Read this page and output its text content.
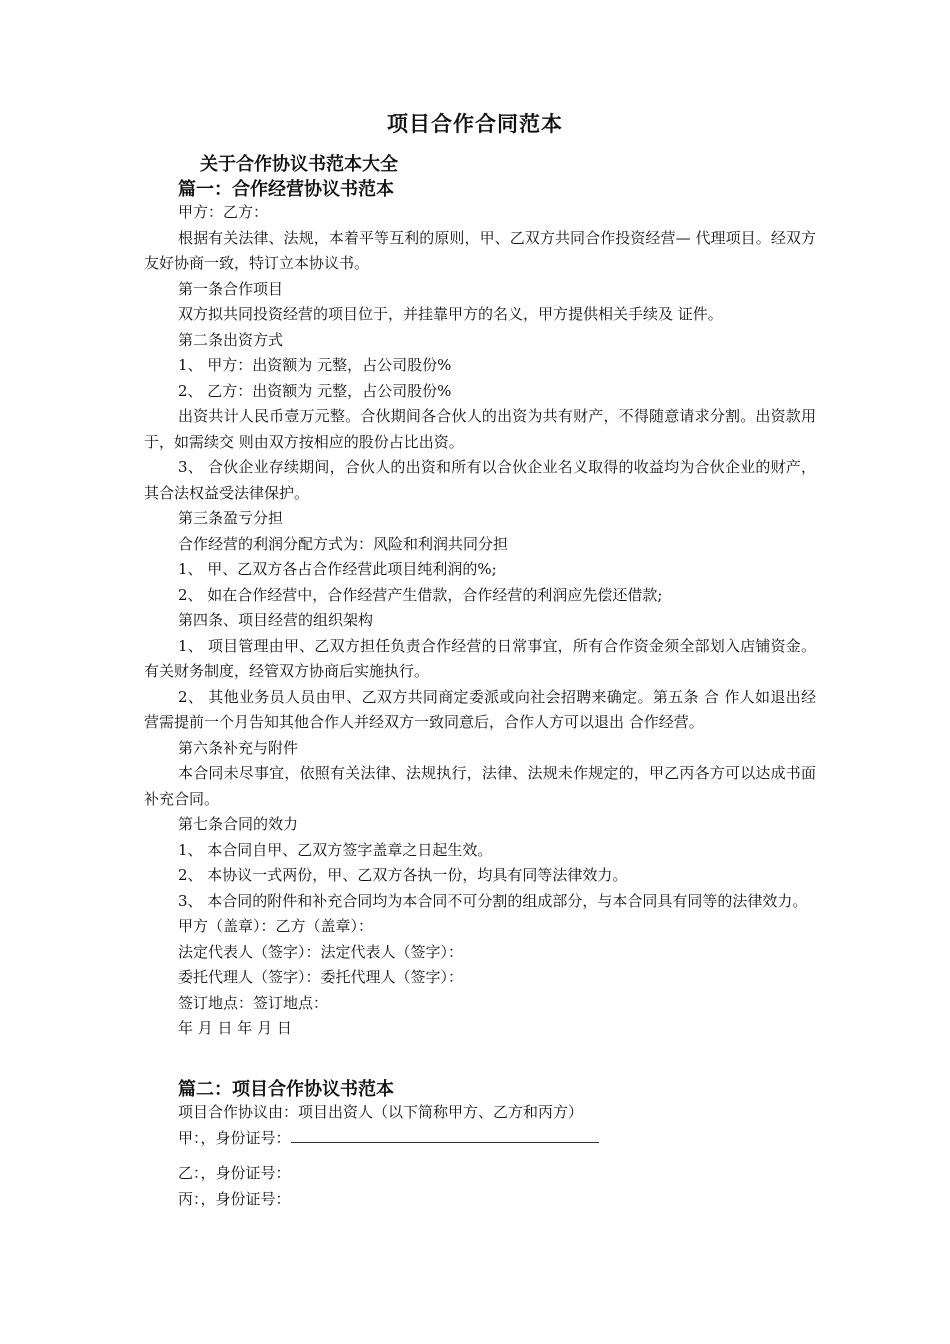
项目合作合同范本
关于合作协议书范本大全
篇一：合作经营协议书范本

甲方：乙方：

根据有关法律、法规，本着平等互利的原则，甲、乙双方共同合作投资经营— 代理项目。经双方友好协商一致，特订立本协议书。

第一条合作项目

双方拟共同投资经营的项目位于，并挂靠甲方的名义，甲方提供相关手续及 证件。

第二条出资方式

1、 甲方：出资额为 元整，占公司股份%

2、 乙方：出资额为 元整，占公司股份%

出资共计人民币壹万元整。合伙期间各合伙人的出资为共有财产，不得随意请求分割。出资款用于，如需续交 则由双方按相应的股份占比出资。

3、 合伙企业存续期间，合伙人的出资和所有以合伙企业名义取得的收益均为合伙企业的财产，其合法权益受法律保护。

第三条盈亏分担

合作经营的利润分配方式为：风险和利润共同分担

1、 甲、乙双方各占合作经营此项目纯利润的%;

2、 如在合作经营中，合作经营产生借款，合作经营的利润应先偿还借款;

第四条、项目经营的组织架构

1、 项目管理由甲、乙双方担任负责合作经营的日常事宜，所有合作资金须全部划入店铺资金。有关财务制度，经管双方协商后实施执行。

2、 其他业务员人员由甲、乙双方共同商定委派或向社会招聘来确定。第五条 合 作人如退出经营需提前一个月告知其他合作人并经双方一致同意后，合作人方可以退出 合作经营。

第六条补充与附件

本合同未尽事宜，依照有关法律、法规执行，法律、法规未作规定的，甲乙丙各方可以达成书面补充合同。

第七条合同的效力

1、 本合同自甲、乙双方签字盖章之日起生效。

2、 本协议一式两份，甲、乙双方各执一份，均具有同等法律效力。

3、 本合同的附件和补充合同均为本合同不可分割的组成部分，与本合同具有同等的法律效力。

甲方（盖章）：乙方（盖章）：

法定代表人（签字）：法定代表人（签字）：

委托代理人（签字）：委托代理人（签字）：

签订地点：签订地点：

年 月 日 年 月 日

篇二：项目合作协议书范本

项目合作协议由：项目出资人（以下简称甲方、乙方和丙方）

甲：，身份证号：

乙：，身份证号：

丙：，身份证号：
